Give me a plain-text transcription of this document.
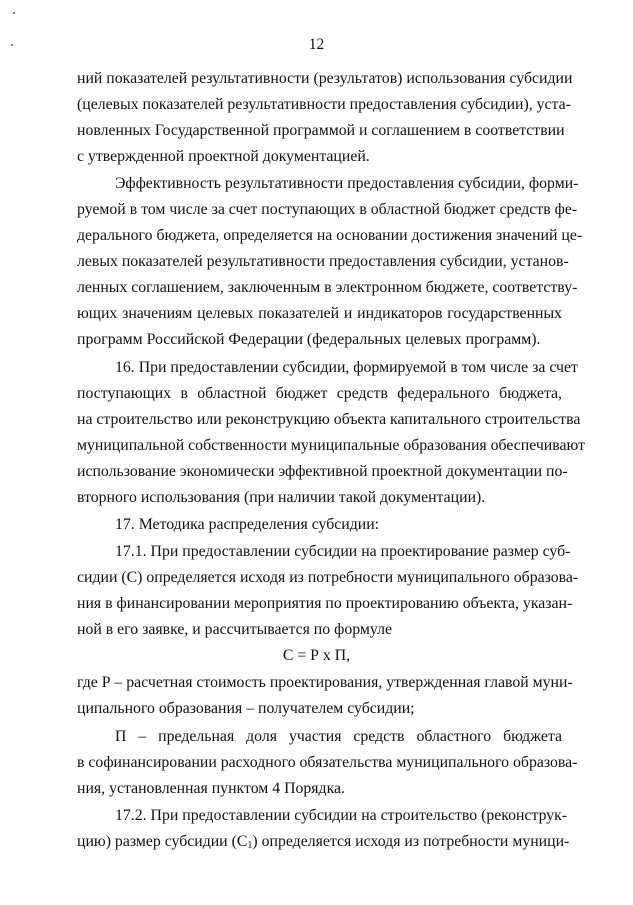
12
ний показателей результативности (результатов) использования субсидии
(целевых показателей результативности предоставления субсидии), уста-
новленных Государственной программой и соглашением в соответствии
с утвержденной проектной документацией.
Эффективность результативности предоставления субсидии, форми-
руемой в том числе за счет поступающих в областной бюджет средств фе-
дерального бюджета, определяется на основании достижения значений це-
левых показателей результативности предоставления субсидии, установ-
ленных соглашением, заключенным в электронном бюджете, соответству-
ющих значениям целевых показателей и индикаторов государственных
программ Российской Федерации (федеральных целевых программ).
16. При предоставлении субсидии, формируемой в том числе за счет
поступающих в областной бюджет средств федерального бюджета,
на строительство или реконструкцию объекта капитального строительства
муниципальной собственности муниципальные образования обеспечивают
использование экономически эффективной проектной документации по-
вторного использования (при наличии такой документации).
17. Методика распределения субсидии:
17.1. При предоставлении субсидии на проектирование размер суб-
сидии (С) определяется исходя из потребности муниципального образова-
ния в финансировании мероприятия по проектированию объекта, указан-
ной в его заявке, и рассчитывается по формуле
С = Р х П,
где Р – расчетная стоимость проектирования, утвержденная главой муни-
ципального образования – получателем субсидии;
П – предельная доля участия средств областного бюджета
в софинансировании расходного обязательства муниципального образова-
ния, установленная пунктом 4 Порядка.
17.2. При предоставлении субсидии на строительство (реконструк-
цию) размер субсидии $(С_1)$ определяется исходя из потребности муници-
